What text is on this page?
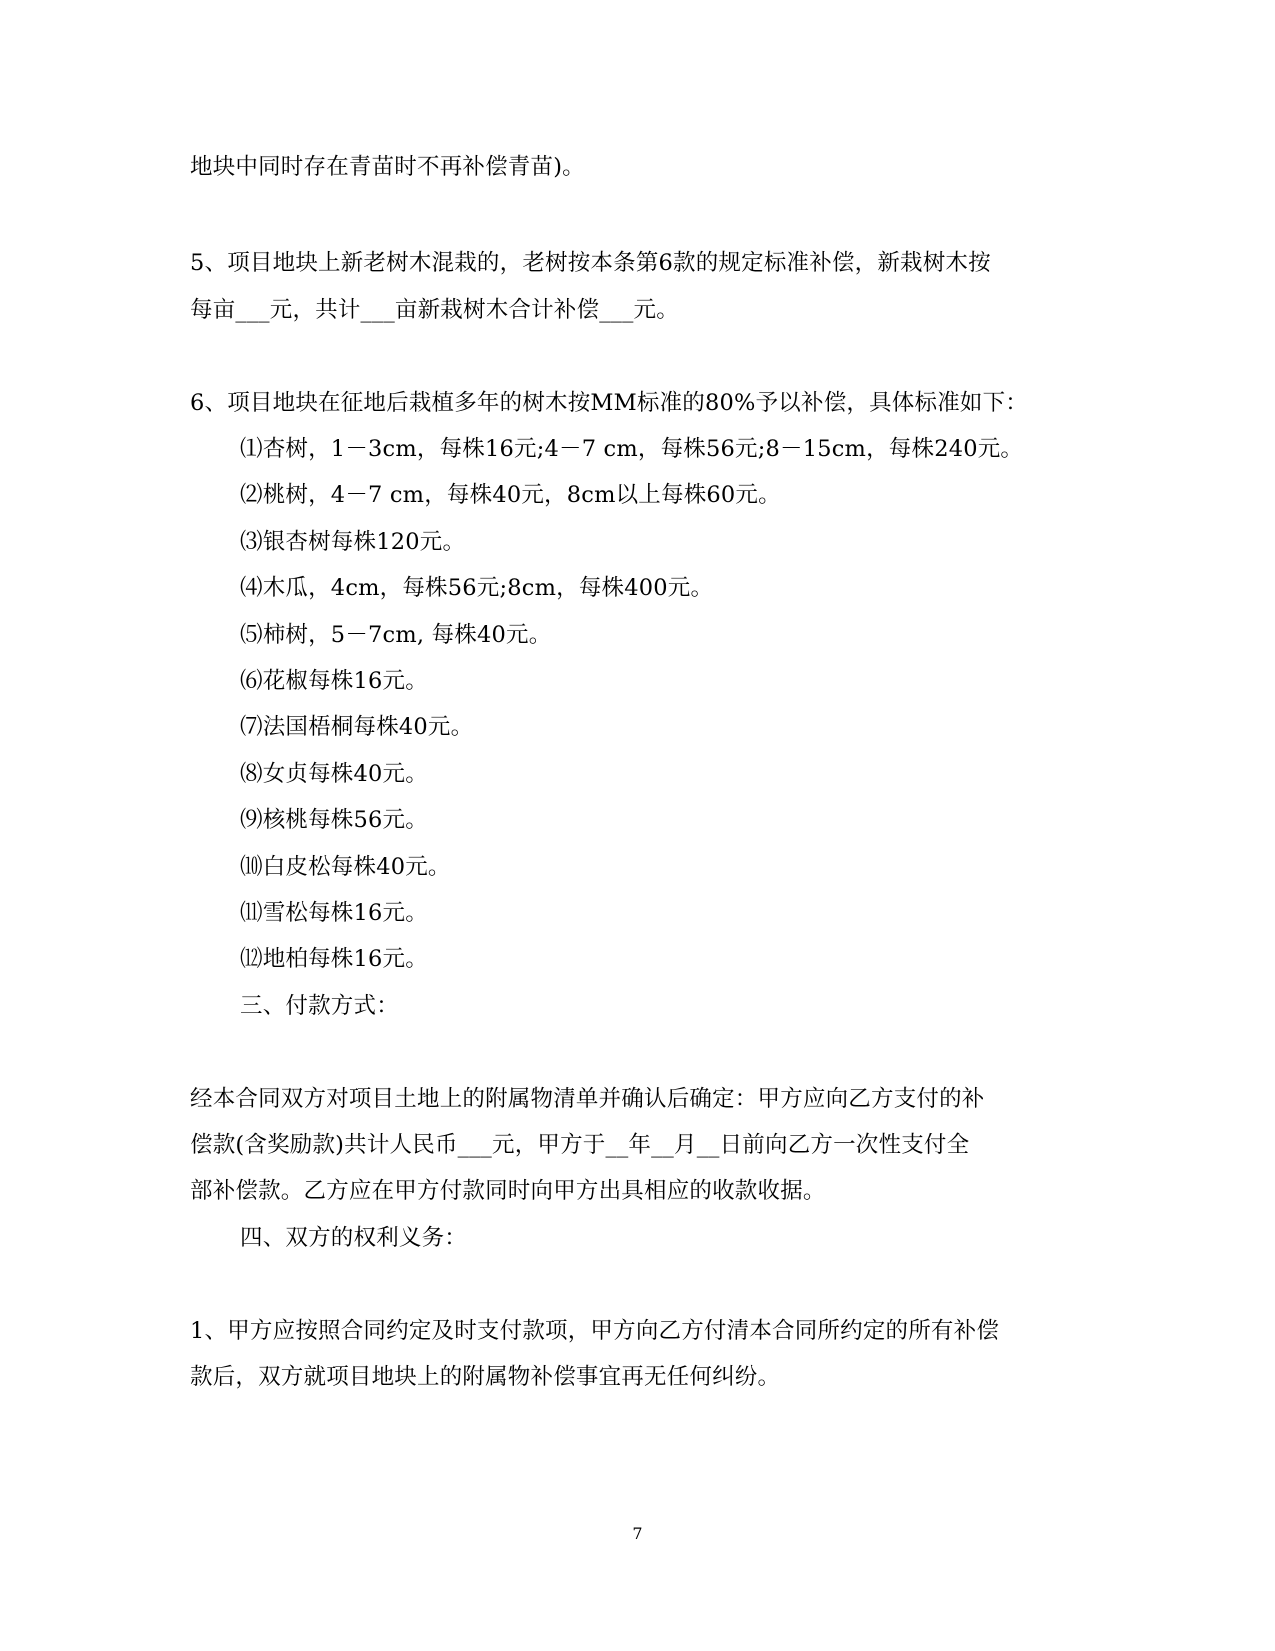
地块中同时存在青苗时不再补偿青苗)。
5、项目地块上新老树木混栽的，老树按本条第6款的规定标准补偿，新栽树木按
每亩___元，共计___亩新栽树木合计补偿___元。
6、项目地块在征地后栽植多年的树木按MM标准的80%予以补偿，具体标准如下：
⑴杏树，1－3cm，每株16元;4－7 cm，每株56元;8－15cm，每株240元。
⑵桃树，4－7 cm，每株40元，8cm以上每株60元。
⑶银杏树每株120元。
⑷木瓜，4cm，每株56元;8cm，每株400元。
⑸柿树，5－7cm, 每株40元。
⑹花椒每株16元。
⑺法国梧桐每株40元。
⑻女贞每株40元。
⑼核桃每株56元。
⑽白皮松每株40元。
⑾雪松每株16元。
⑿地柏每株16元。
三、付款方式：
经本合同双方对项目土地上的附属物清单并确认后确定：甲方应向乙方支付的补
偿款(含奖励款)共计人民币___元，甲方于__年__月__日前向乙方一次性支付全
部补偿款。乙方应在甲方付款同时向甲方出具相应的收款收据。
四、双方的权利义务：
1、甲方应按照合同约定及时支付款项，甲方向乙方付清本合同所约定的所有补偿
款后，双方就项目地块上的附属物补偿事宜再无任何纠纷。
7
